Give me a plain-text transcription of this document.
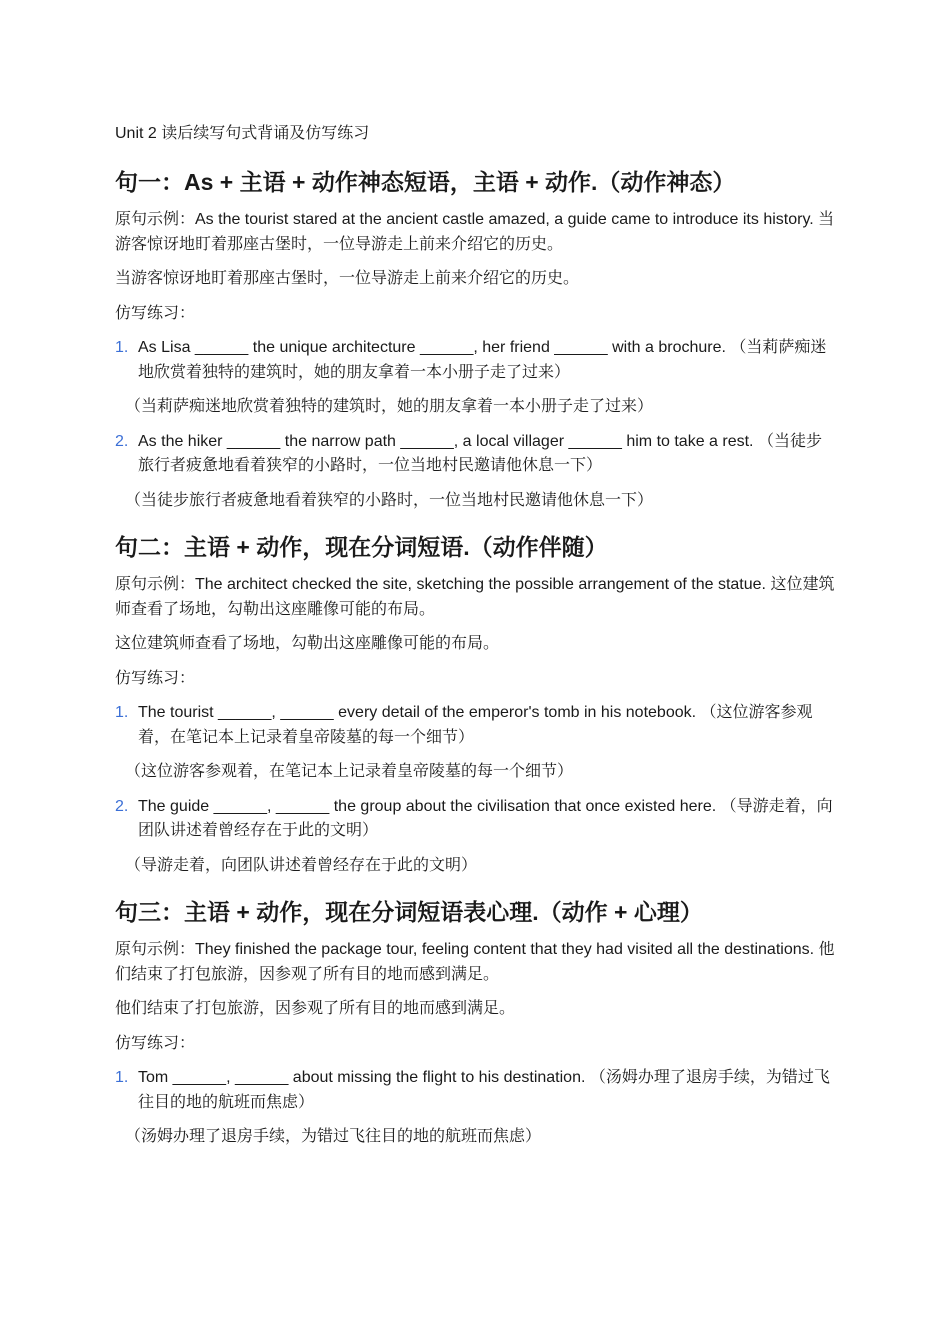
Unit 2 读后续写句式背诵及仿写练习
句一：As + 主语 + 动作神态短语，主语 + 动作.（动作神态）
原句示例：As the tourist stared at the ancient castle amazed, a guide came to introduce its history. 当游客惊讶地盯着那座古堡时，一位导游走上前来介绍它的历史。
当游客惊讶地盯着那座古堡时，一位导游走上前来介绍它的历史。
仿写练习：
1. As Lisa ______ the unique architecture ______, her friend ______ with a brochure. （当莉萨痴迷地欣赏着独特的建筑时，她的朋友拿着一本小册子走了过来）
（当莉萨痴迷地欣赏着独特的建筑时，她的朋友拿着一本小册子走了过来）
2. As the hiker ______ the narrow path ______, a local villager ______ him to take a rest. （当徒步旅行者疲惫地看着狭窄的小路时，一位当地村民邀请他休息一下）
（当徒步旅行者疲惫地看着狭窄的小路时，一位当地村民邀请他休息一下）
句二：主语 + 动作，现在分词短语.（动作伴随）
原句示例：The architect checked the site, sketching the possible arrangement of the statue. 这位建筑师查看了场地，勾勒出这座雕像可能的布局。
这位建筑师查看了场地，勾勒出这座雕像可能的布局。
仿写练习：
1. The tourist ______, ______ every detail of the emperor's tomb in his notebook. （这位游客参观着，在笔记本上记录着皇帝陵墓的每一个细节）
（这位游客参观着，在笔记本上记录着皇帝陵墓的每一个细节）
2. The guide ______, ______ the group about the civilisation that once existed here. （导游走着，向团队讲述着曾经存在于此的文明）
（导游走着，向团队讲述着曾经存在于此的文明）
句三：主语 + 动作，现在分词短语表心理.（动作 + 心理）
原句示例：They finished the package tour, feeling content that they had visited all the destinations. 他们结束了打包旅游，因参观了所有目的地而感到满足。
他们结束了打包旅游，因参观了所有目的地而感到满足。
仿写练习：
1. Tom ______, ______ about missing the flight to his destination. （汤姆办理了退房手续，为错过飞往目的地的航班而焦虑）
（汤姆办理了退房手续，为错过飞往目的地的航班而焦虑）
